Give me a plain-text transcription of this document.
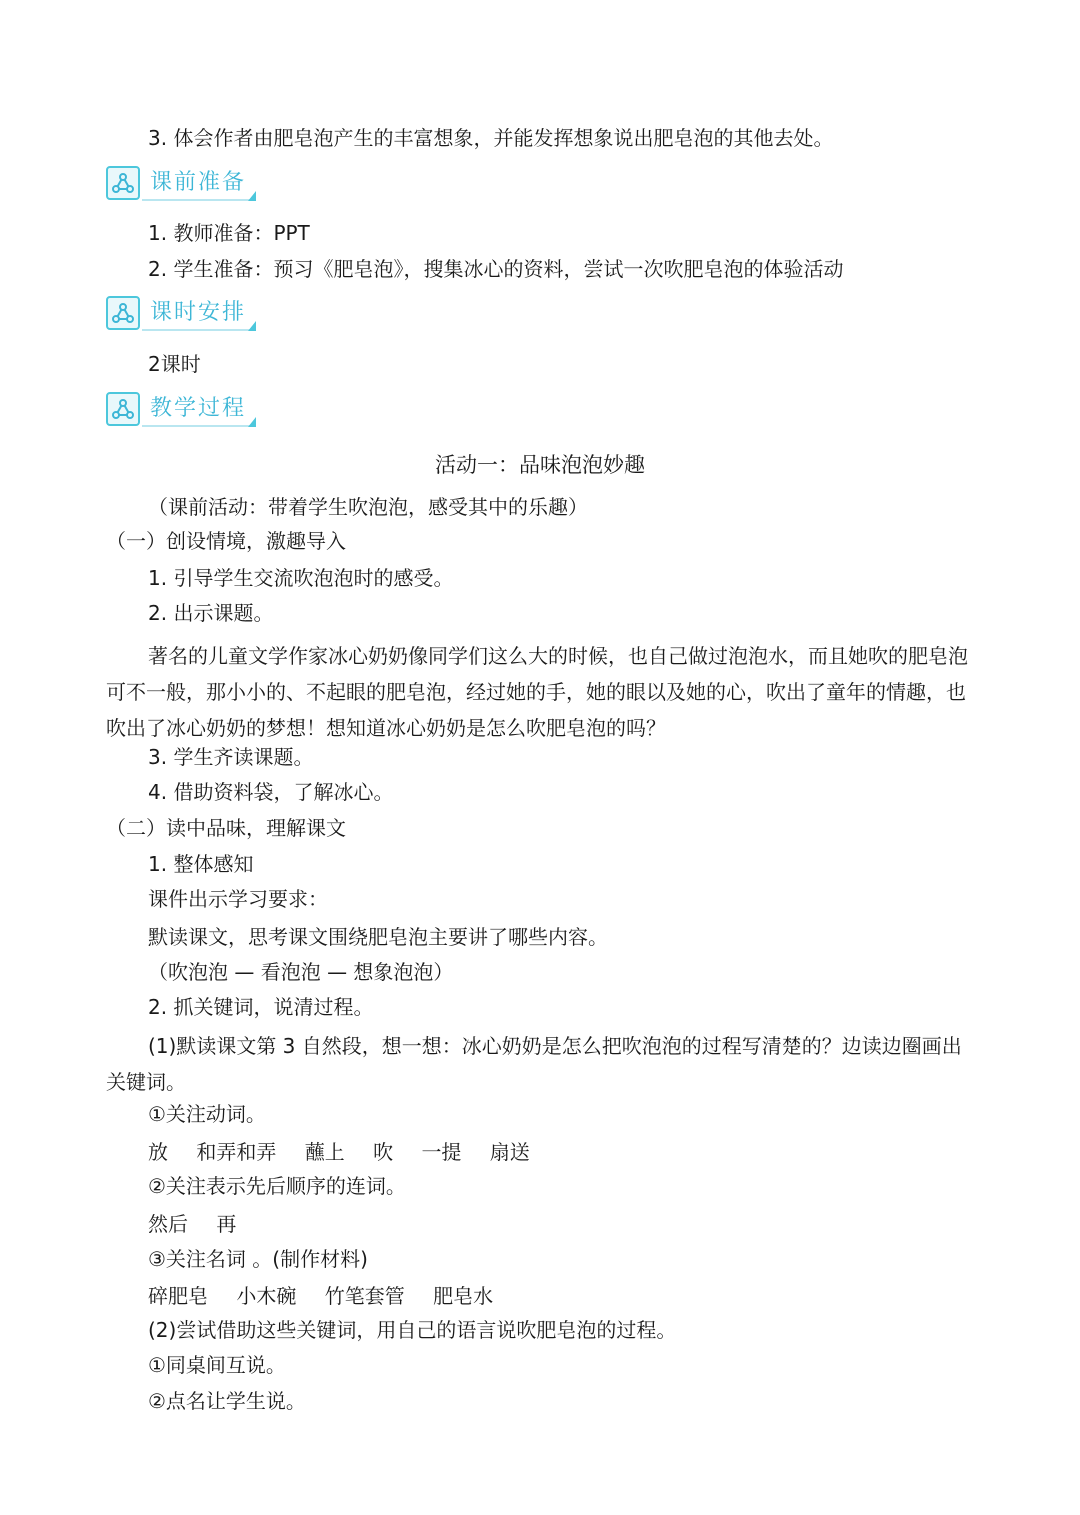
3. 体会作者由肥皂泡产生的丰富想象，并能发挥想象说出肥皂泡的其他去处。
课前准备
1. 教师准备：PPT
2. 学生准备：预习《肥皂泡》，搜集冰心的资料，尝试一次吹肥皂泡的体验活动
课时安排
2课时
教学过程
活动一：品味泡泡妙趣
（课前活动：带着学生吹泡泡，感受其中的乐趣）
（一）创设情境，激趣导入
1. 引导学生交流吹泡泡时的感受。
2. 出示课题。
著名的儿童文学作家冰心奶奶像同学们这么大的时候，也自己做过泡泡水，而且她吹的肥皂泡可不一般，那小小的、不起眼的肥皂泡，经过她的手，她的眼以及她的心，吹出了童年的情趣，也吹出了冰心奶奶的梦想！想知道冰心奶奶是怎么吹肥皂泡的吗？
3. 学生齐读课题。
4. 借助资料袋，了解冰心。
（二）读中品味，理解课文
1. 整体感知
课件出示学习要求：
默读课文，思考课文围绕肥皂泡主要讲了哪些内容。
（吹泡泡 — 看泡泡 — 想象泡泡）
2. 抓关键词，说清过程。
(1)默读课文第 3 自然段，想一想：冰心奶奶是怎么把吹泡泡的过程写清楚的？边读边圈画出关键词。
①关注动词。
放 和弄和弄 蘸上 吹 一提 扇送
②关注表示先后顺序的连词。
然后 再
③关注名词 。(制作材料)
碎肥皂 小木碗 竹笔套管 肥皂水
(2)尝试借助这些关键词，用自己的语言说吹肥皂泡的过程。
①同桌间互说。
②点名让学生说。
